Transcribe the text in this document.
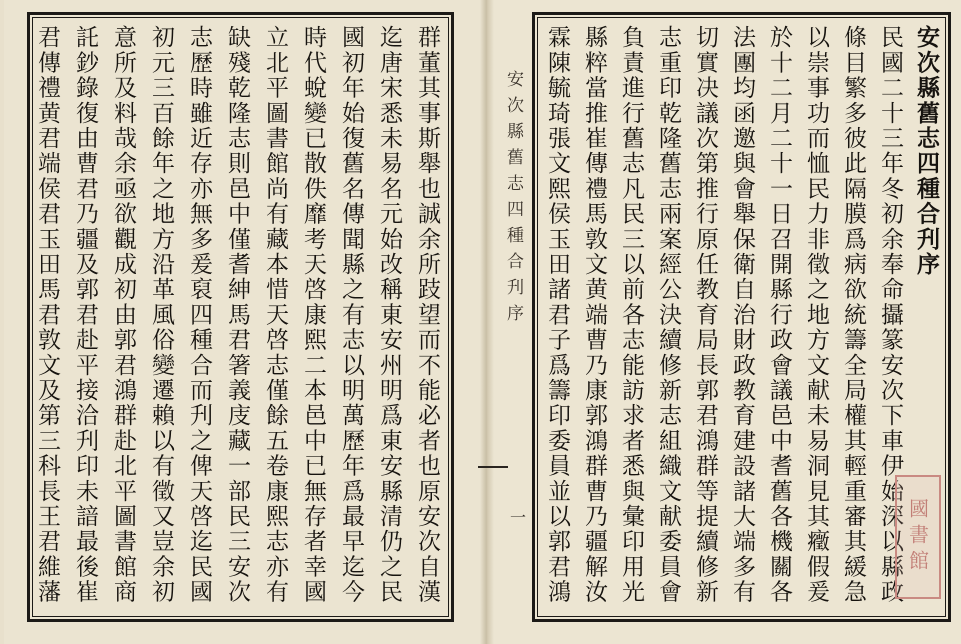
群董其事斯舉也誠余所跂望而不能必者也原安次自漢
迄唐宋悉未易名元始改稱東安州明爲東安縣清仍之民
國初年始復舊名傳聞縣之有志以明萬歷年爲最早迄今
時代蛻變已散佚靡考天啓康熙二本邑中已無存者幸國
立北平圖書館尚有藏本惜天啓志僅餘五卷康熙志亦有
缺殘乾隆志則邑中僅耆紳馬君箸義庋藏一部民三安次
志歷時雖近存亦無多爰裒四種合而刋之俾天啓迄民國
初元三百餘年之地方沿革風俗變遷賴以有徵又豈余初
意所及料哉余亟欲觀成初由郭君鴻群赴北平圖書館商
託鈔錄復由曹君乃疆及郭君赴平接洽刋印未諳最後崔
君傳禮黄君端侯君玉田馬君敦文及第三科長王君維藩	安次縣舊志四種合刋序
一
安次縣舊志四種合刋序
民國二十三年冬初余奉命攝篆安次下車伊始深以縣政
條目繁多彼此隔膜爲病欲統籌全局權其輕重審其緩急
以崇事功而恤民力非徵之地方文献未易洞見其癥假爰
於十二月二十一日召開縣行政會議邑中耆舊各機關各
法團均函邀與會舉保衛自治財政教育建設諸大端多有
切實决議次第推行原任教育局長郭君鴻群等提續修新
志重印乾隆舊志兩案經公決續修新志組織文献委員會
負責進行舊志凡民三以前各志能訪求者悉與彙印用光
縣粹當推崔傳禮馬敦文黄端曹乃康郭鴻群曹乃疆解汝
霖陳毓琦張文熙侯玉田諸君子爲籌印委員並以郭君鴻	國書館
